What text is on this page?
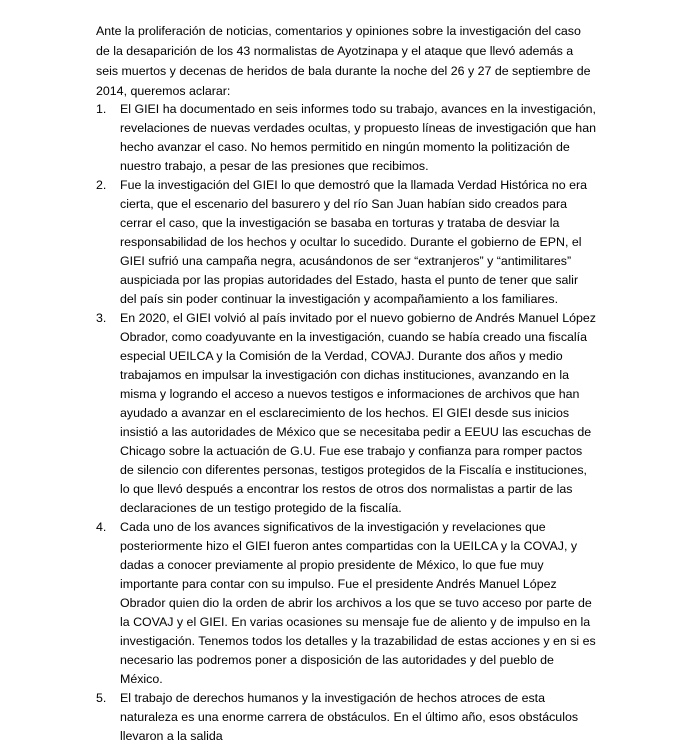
Ante la proliferación de noticias, comentarios y opiniones sobre la investigación del caso de la desaparición de los 43 normalistas de Ayotzinapa y el ataque que llevó además a seis muertos y decenas de heridos de bala durante la noche del 26 y 27 de septiembre de 2014, queremos aclarar:

1. El GIEI ha documentado en seis informes todo su trabajo, avances en la investigación, revelaciones de nuevas verdades ocultas, y propuesto líneas de investigación que han hecho avanzar el caso. No hemos permitido en ningún momento la politización de nuestro trabajo, a pesar de las presiones que recibimos.
2. Fue la investigación del GIEI lo que demostró que la llamada Verdad Histórica no era cierta, que el escenario del basurero y del río San Juan habían sido creados para cerrar el caso, que la investigación se basaba en torturas y trataba de desviar la responsabilidad de los hechos y ocultar lo sucedido. Durante el gobierno de EPN, el GIEI sufrió una campaña negra, acusándonos de ser “extranjeros” y “antimilitares” auspiciada por las propias autoridades del Estado, hasta el punto de tener que salir del país sin poder continuar la investigación y acompañamiento a los familiares.
3. En 2020, el GIEI volvió al país invitado por el nuevo gobierno de Andrés Manuel López Obrador, como coadyuvante en la investigación, cuando se había creado una fiscalía especial UEILCA y la Comisión de la Verdad, COVAJ. Durante dos años y medio trabajamos en impulsar la investigación con dichas instituciones, avanzando en la misma y logrando el acceso a nuevos testigos e informaciones de archivos que han ayudado a avanzar en el esclarecimiento de los hechos. El GIEI desde sus inicios insistió a las autoridades de México que se necesitaba pedir a EEUU las escuchas de Chicago sobre la actuación de G.U. Fue ese trabajo y confianza para romper pactos de silencio con diferentes personas, testigos protegidos de la Fiscalía e instituciones, lo que llevó después a encontrar los restos de otros dos normalistas a partir de las declaraciones de un testigo protegido de la fiscalía.
4. Cada uno de los avances significativos de la investigación y revelaciones que posteriormente hizo el GIEI fueron antes compartidas con la UEILCA y la COVAJ, y dadas a conocer previamente al propio presidente de México, lo que fue muy importante para contar con su impulso. Fue el presidente Andrés Manuel López Obrador quien dio la orden de abrir los archivos a los que se tuvo acceso por parte de la COVAJ y el GIEI. En varias ocasiones su mensaje fue de aliento y de impulso en la investigación. Tenemos todos los detalles y la trazabilidad de estas acciones y en si es necesario las podremos poner a disposición de las autoridades y del pueblo de México.
5. El trabajo de derechos humanos y la investigación de hechos atroces de esta naturaleza es una enorme carrera de obstáculos. En el último año, esos obstáculos llevaron a la salida
